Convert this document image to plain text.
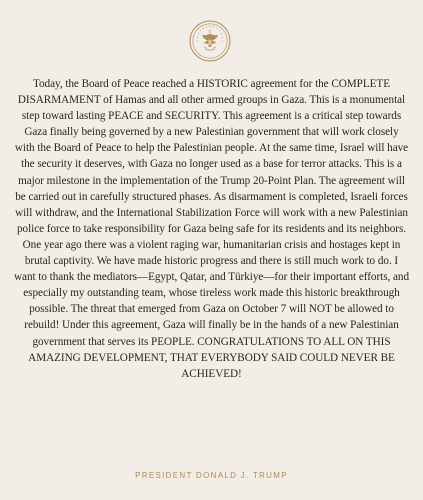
Today, the Board of Peace reached a HISTORIC agreement for the COMPLETE DISARMAMENT of Hamas and all other armed groups in Gaza. This is a monumental step toward lasting PEACE and SECURITY. This agreement is a critical step towards Gaza finally being governed by a new Palestinian government that will work closely with the Board of Peace to help the Palestinian people. At the same time, Israel will have the security it deserves, with Gaza no longer used as a base for terror attacks. This is a major milestone in the implementation of the Trump 20-Point Plan. The agreement will be carried out in carefully structured phases. As disarmament is completed, Israeli forces will withdraw, and the International Stabilization Force will work with a new Palestinian police force to take responsibility for Gaza being safe for its residents and its neighbors. One year ago there was a violent raging war, humanitarian crisis and hostages kept in brutal captivity. We have made historic progress and there is still much work to do. I want to thank the mediators—Egypt, Qatar, and Türkiye—for their important efforts, and especially my outstanding team, whose tireless work made this historic breakthrough possible. The threat that emerged from Gaza on October 7 will NOT be allowed to rebuild! Under this agreement, Gaza will finally be in the hands of a new Palestinian government that serves its PEOPLE. CONGRATULATIONS TO ALL ON THIS AMAZING DEVELOPMENT, THAT EVERYBODY SAID COULD NEVER BE ACHIEVED!

PRESIDENT DONALD J. TRUMP
